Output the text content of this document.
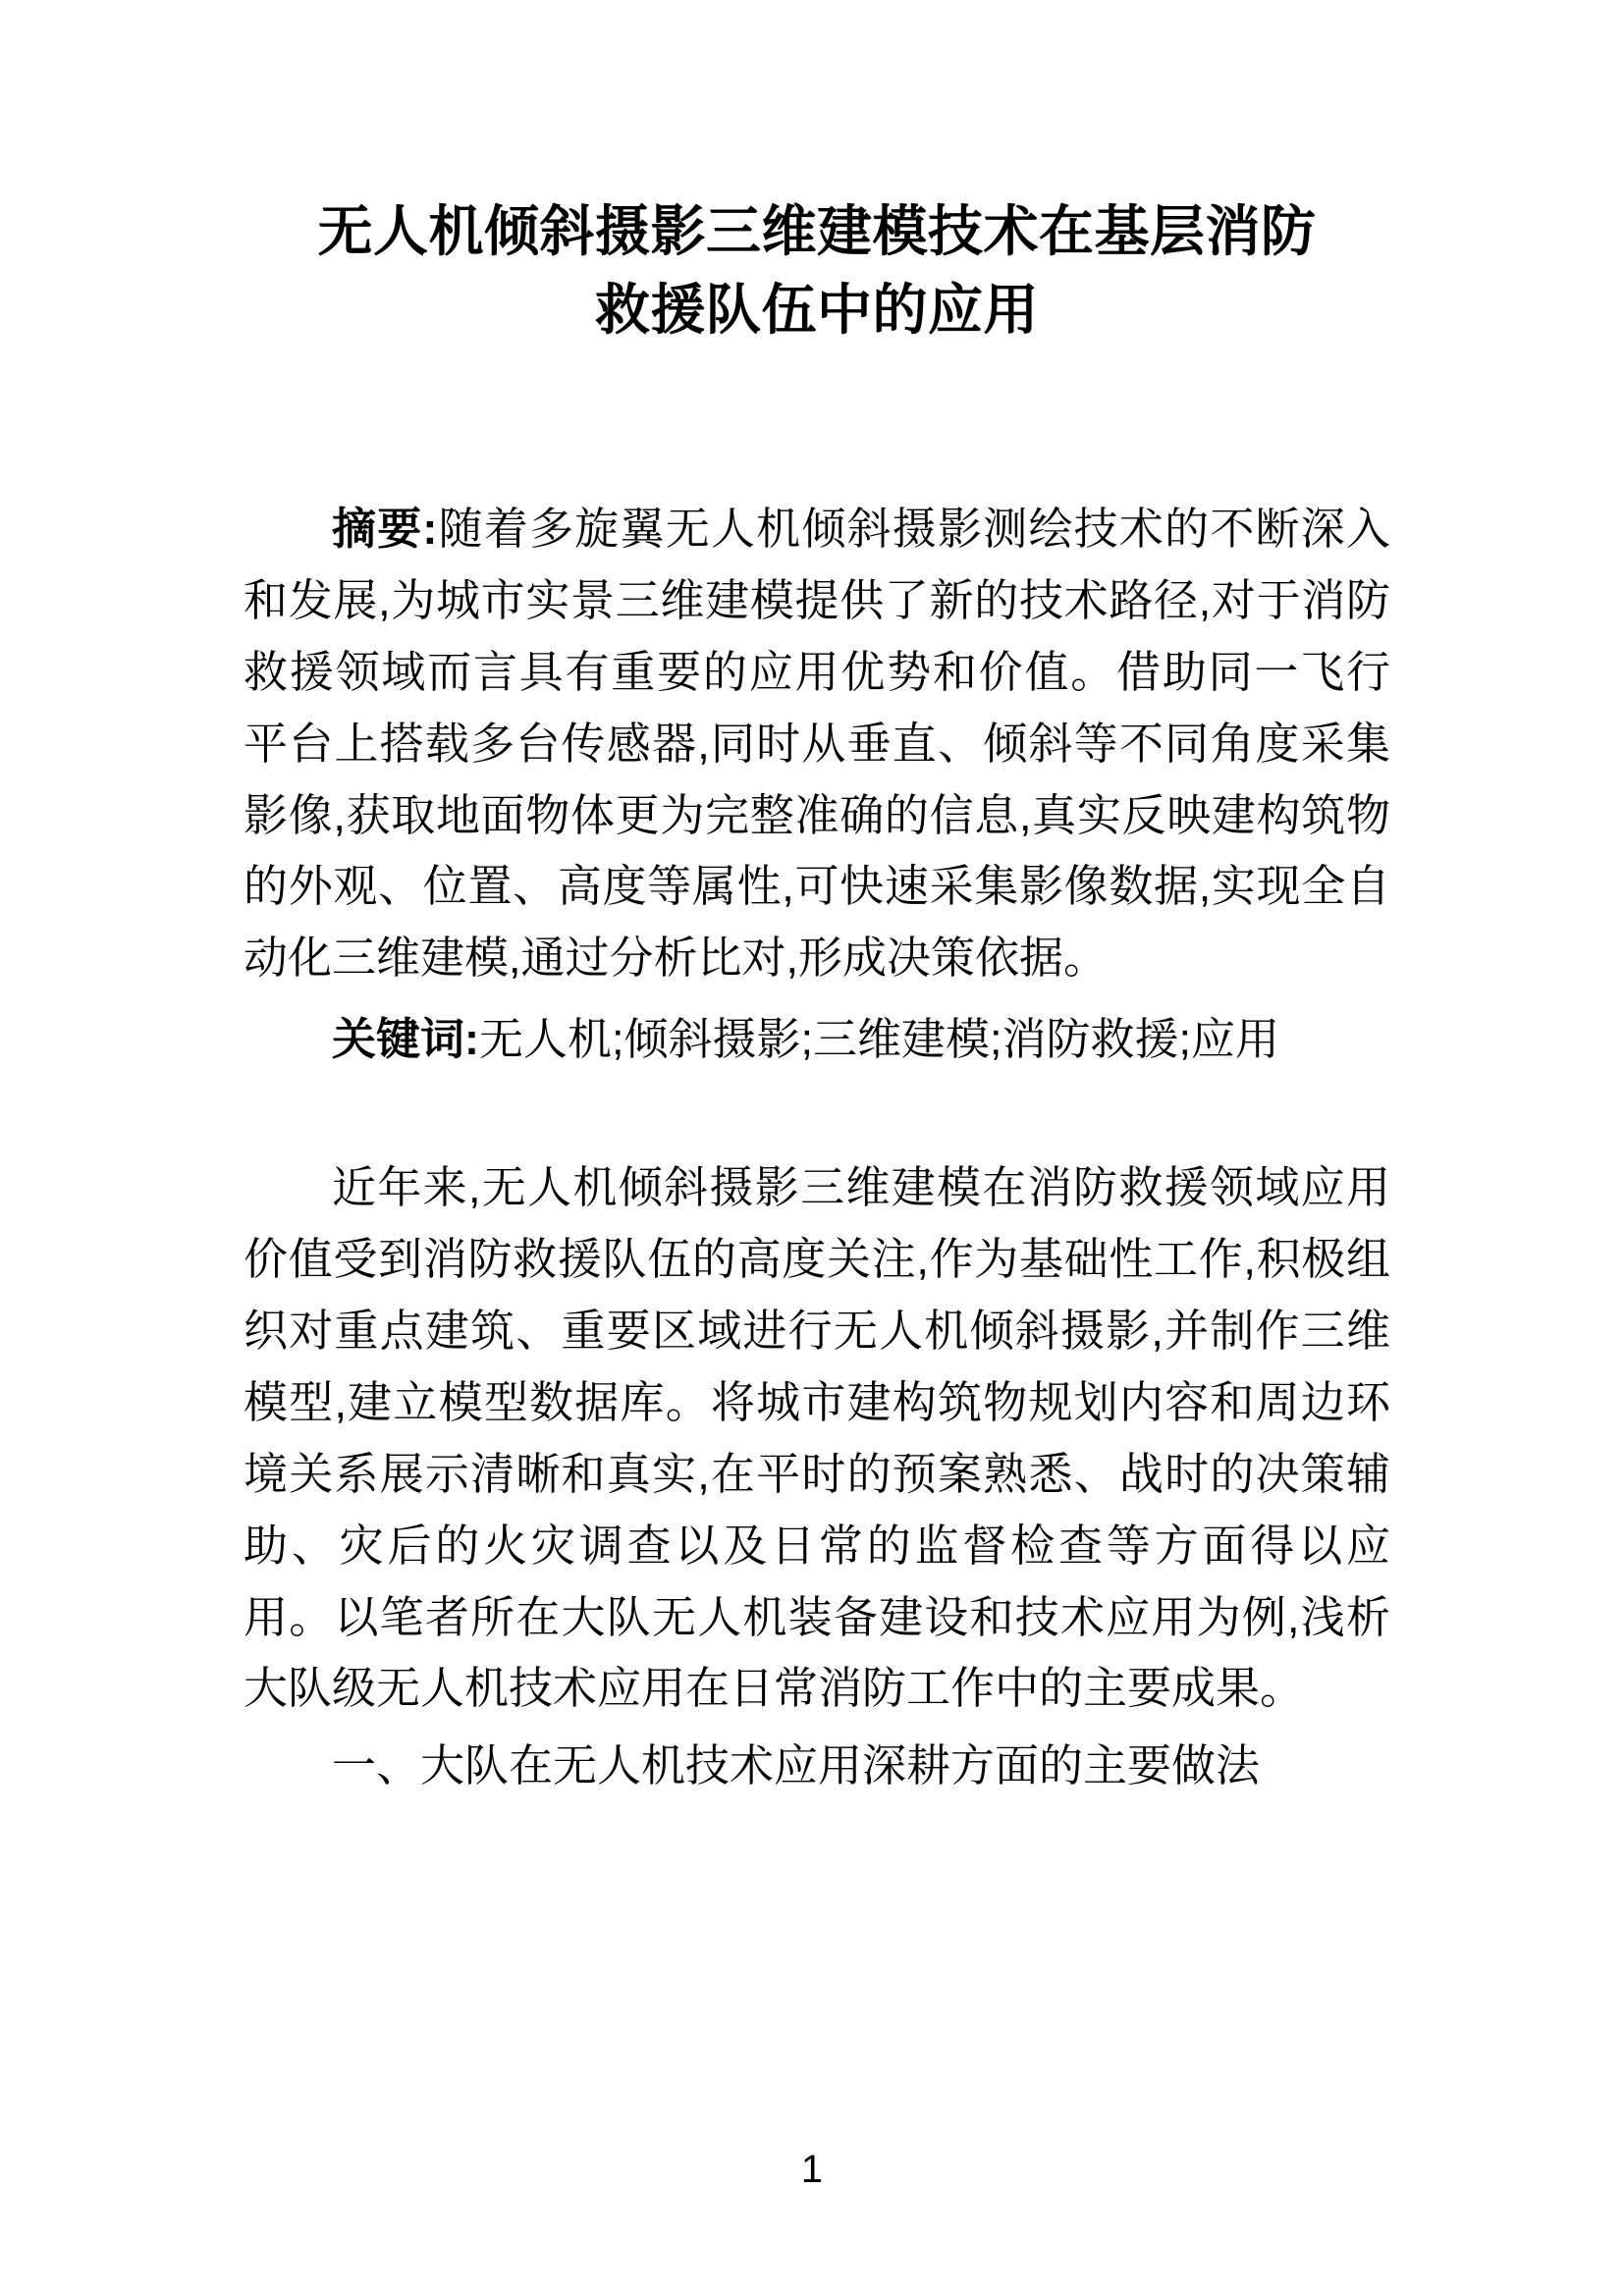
无人机倾斜摄影三维建模技术在基层消防
救援队伍中的应用

摘要:随着多旋翼无人机倾斜摄影测绘技术的不断深入和发展,为城市实景三维建模提供了新的技术路径,对于消防救援领域而言具有重要的应用优势和价值。借助同一飞行平台上搭载多台传感器,同时从垂直、倾斜等不同角度采集影像,获取地面物体更为完整准确的信息,真实反映建构筑物的外观、位置、高度等属性,可快速采集影像数据,实现全自动化三维建模,通过分析比对,形成决策依据。

关键词:无人机;倾斜摄影;三维建模;消防救援;应用

近年来,无人机倾斜摄影三维建模在消防救援领域应用价值受到消防救援队伍的高度关注,作为基础性工作,积极组织对重点建筑、重要区域进行无人机倾斜摄影,并制作三维模型,建立模型数据库。将城市建构筑物规划内容和周边环境关系展示清晰和真实,在平时的预案熟悉、战时的决策辅助、灾后的火灾调查以及日常的监督检查等方面得以应用。以笔者所在大队无人机装备建设和技术应用为例,浅析大队级无人机技术应用在日常消防工作中的主要成果。

一、大队在无人机技术应用深耕方面的主要做法

1
